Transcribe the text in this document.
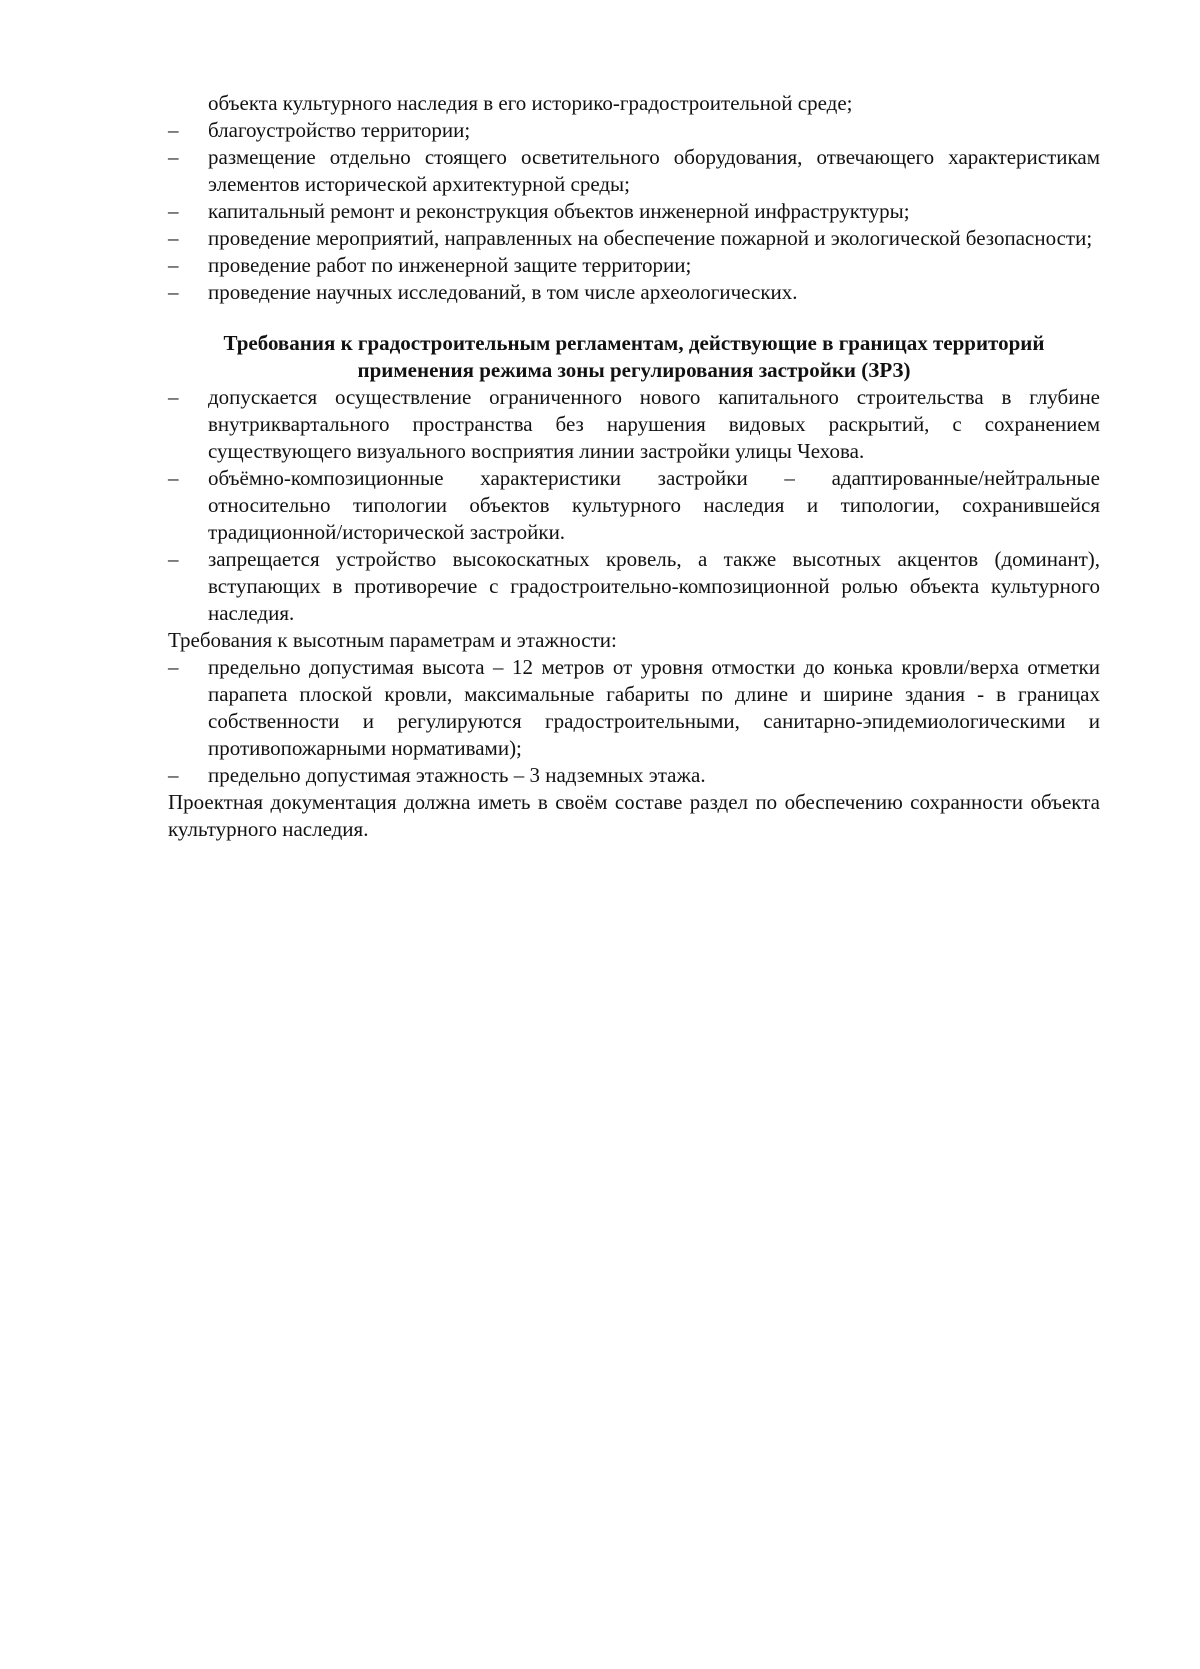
объекта культурного наследия в его историко-градостроительной среде;
– благоустройство территории;
– размещение отдельно стоящего осветительного оборудования, отвечающего характеристикам элементов исторической архитектурной среды;
– капитальный ремонт и реконструкция объектов инженерной инфраструктуры;
– проведение мероприятий, направленных на обеспечение пожарной и экологической безопасности;
– проведение работ по инженерной защите территории;
– проведение научных исследований, в том числе археологических.
Требования к градостроительным регламентам, действующие в границах территорий применения режима зоны регулирования застройки (ЗРЗ)
– допускается осуществление ограниченного нового капитального строительства в глубине внутриквартального пространства без нарушения видовых раскрытий, с сохранением существующего визуального восприятия линии застройки улицы Чехова.
– объёмно-композиционные характеристики застройки – адаптированные/нейтральные относительно типологии объектов культурного наследия и типологии, сохранившейся традиционной/исторической застройки.
– запрещается устройство высокоскатных кровель, а также высотных акцентов (доминант), вступающих в противоречие с градостроительно-композиционной ролью объекта культурного наследия.
Требования к высотным параметрам и этажности:
– предельно допустимая высота – 12 метров от уровня отмостки до конька кровли/верха отметки парапета плоской кровли, максимальные габариты по длине и ширине здания - в границах собственности и регулируются градостроительными, санитарно-эпидемиологическими и противопожарными нормативами);
– предельно допустимая этажность – 3 надземных этажа.
Проектная документация должна иметь в своём составе раздел по обеспечению сохранности объекта культурного наследия.
